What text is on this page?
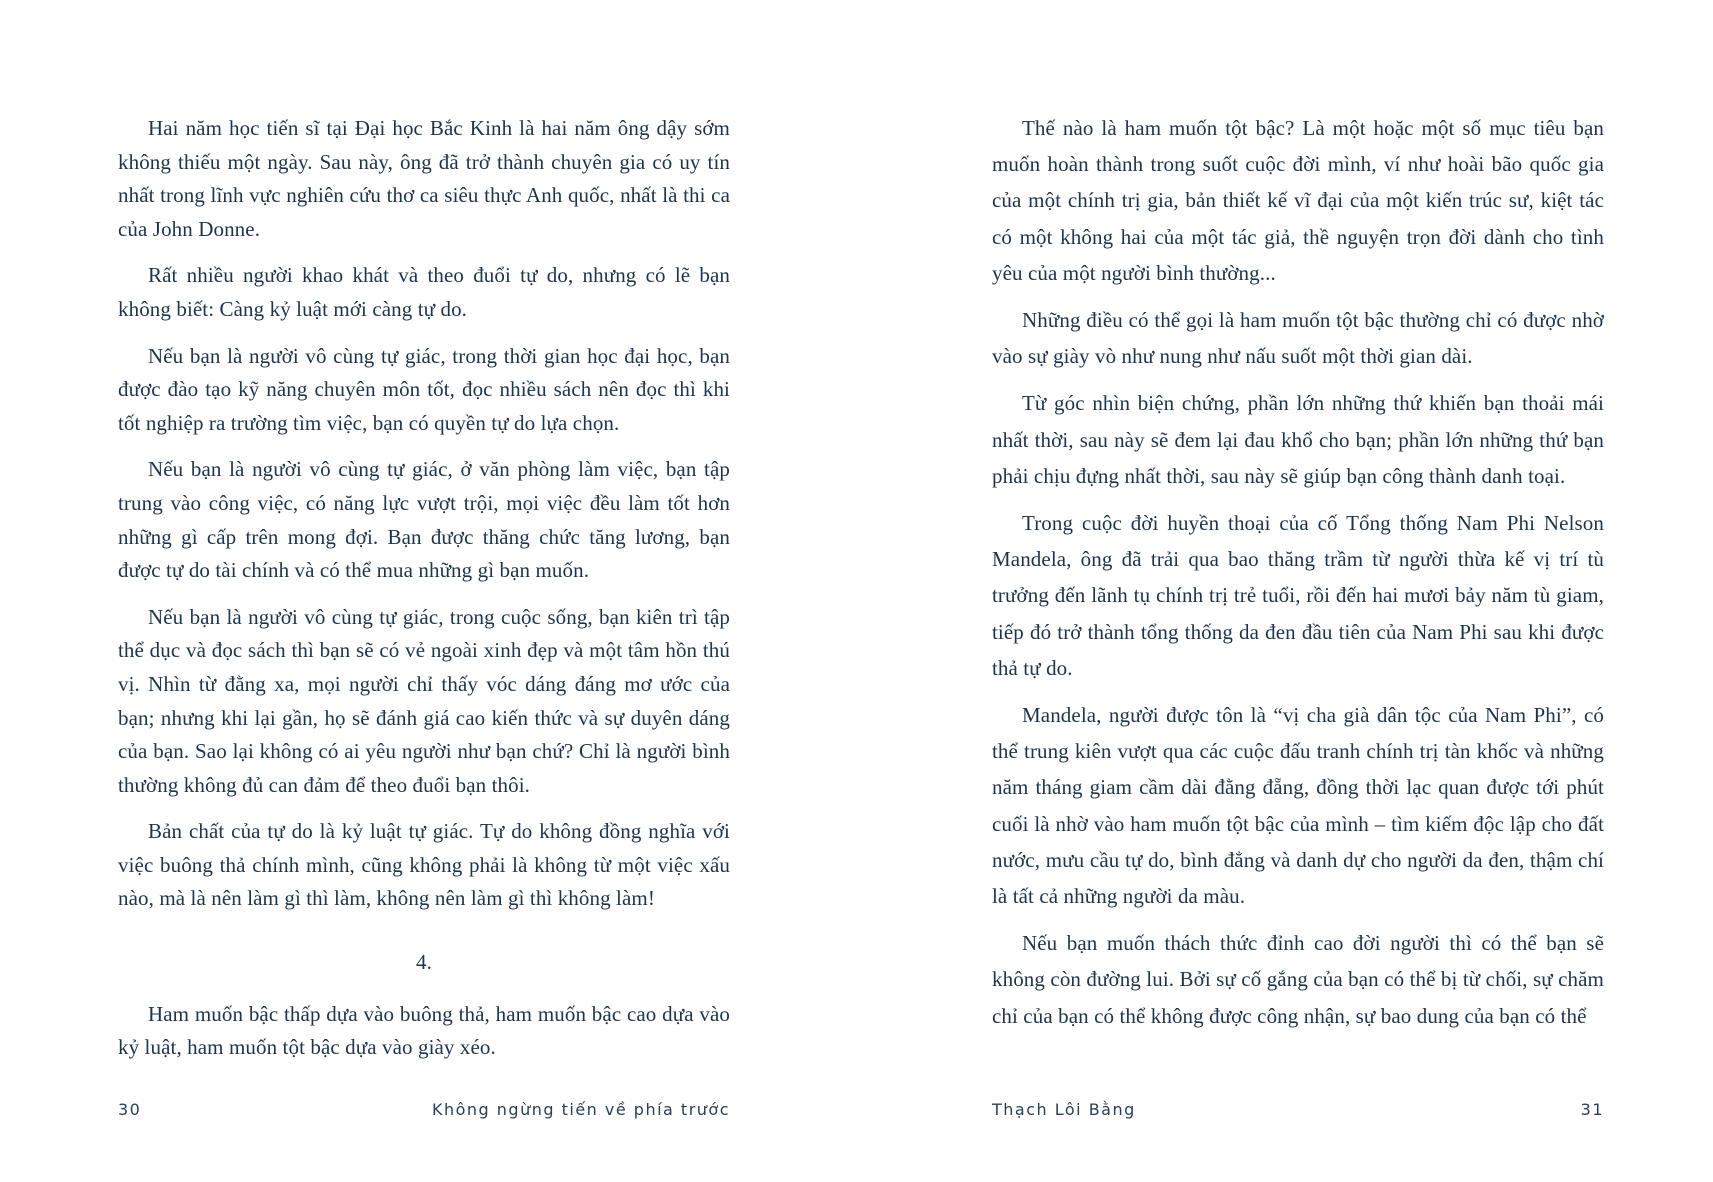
Hai năm học tiến sĩ tại Đại học Bắc Kinh là hai năm ông dậy sớm không thiếu một ngày. Sau này, ông đã trở thành chuyên gia có uy tín nhất trong lĩnh vực nghiên cứu thơ ca siêu thực Anh quốc, nhất là thi ca của John Donne.

Rất nhiều người khao khát và theo đuổi tự do, nhưng có lẽ bạn không biết: Càng kỷ luật mới càng tự do.

Nếu bạn là người vô cùng tự giác, trong thời gian học đại học, bạn được đào tạo kỹ năng chuyên môn tốt, đọc nhiều sách nên đọc thì khi tốt nghiệp ra trường tìm việc, bạn có quyền tự do lựa chọn.

Nếu bạn là người vô cùng tự giác, ở văn phòng làm việc, bạn tập trung vào công việc, có năng lực vượt trội, mọi việc đều làm tốt hơn những gì cấp trên mong đợi. Bạn được thăng chức tăng lương, bạn được tự do tài chính và có thể mua những gì bạn muốn.

Nếu bạn là người vô cùng tự giác, trong cuộc sống, bạn kiên trì tập thể dục và đọc sách thì bạn sẽ có vẻ ngoài xinh đẹp và một tâm hồn thú vị. Nhìn từ đằng xa, mọi người chỉ thấy vóc dáng đáng mơ ước của bạn; nhưng khi lại gần, họ sẽ đánh giá cao kiến thức và sự duyên dáng của bạn. Sao lại không có ai yêu người như bạn chứ? Chỉ là người bình thường không đủ can đảm để theo đuổi bạn thôi.

Bản chất của tự do là kỷ luật tự giác. Tự do không đồng nghĩa với việc buông thả chính mình, cũng không phải là không từ một việc xấu nào, mà là nên làm gì thì làm, không nên làm gì thì không làm!

4.

Ham muốn bậc thấp dựa vào buông thả, ham muốn bậc cao dựa vào kỷ luật, ham muốn tột bậc dựa vào giày xéo.

30	Không ngừng tiến về phía trước

Thế nào là ham muốn tột bậc? Là một hoặc một số mục tiêu bạn muốn hoàn thành trong suốt cuộc đời mình, ví như hoài bão quốc gia của một chính trị gia, bản thiết kế vĩ đại của một kiến trúc sư, kiệt tác có một không hai của một tác giả, thề nguyện trọn đời dành cho tình yêu của một người bình thường...

Những điều có thể gọi là ham muốn tột bậc thường chỉ có được nhờ vào sự giày vò như nung như nấu suốt một thời gian dài.

Từ góc nhìn biện chứng, phần lớn những thứ khiến bạn thoải mái nhất thời, sau này sẽ đem lại đau khổ cho bạn; phần lớn những thứ bạn phải chịu đựng nhất thời, sau này sẽ giúp bạn công thành danh toại.

Trong cuộc đời huyền thoại của cố Tổng thống Nam Phi Nelson Mandela, ông đã trải qua bao thăng trầm từ người thừa kế vị trí tù trưởng đến lãnh tụ chính trị trẻ tuổi, rồi đến hai mươi bảy năm tù giam, tiếp đó trở thành tổng thống da đen đầu tiên của Nam Phi sau khi được thả tự do.

Mandela, người được tôn là “vị cha già dân tộc của Nam Phi”, có thể trung kiên vượt qua các cuộc đấu tranh chính trị tàn khốc và những năm tháng giam cầm dài đằng đẵng, đồng thời lạc quan được tới phút cuối là nhờ vào ham muốn tột bậc của mình – tìm kiếm độc lập cho đất nước, mưu cầu tự do, bình đẳng và danh dự cho người da đen, thậm chí là tất cả những người da màu.

Nếu bạn muốn thách thức đỉnh cao đời người thì có thể bạn sẽ không còn đường lui. Bởi sự cố gắng của bạn có thể bị từ chối, sự chăm chỉ của bạn có thể không được công nhận, sự bao dung của bạn có thể

Thạch Lôi Bằng	31
